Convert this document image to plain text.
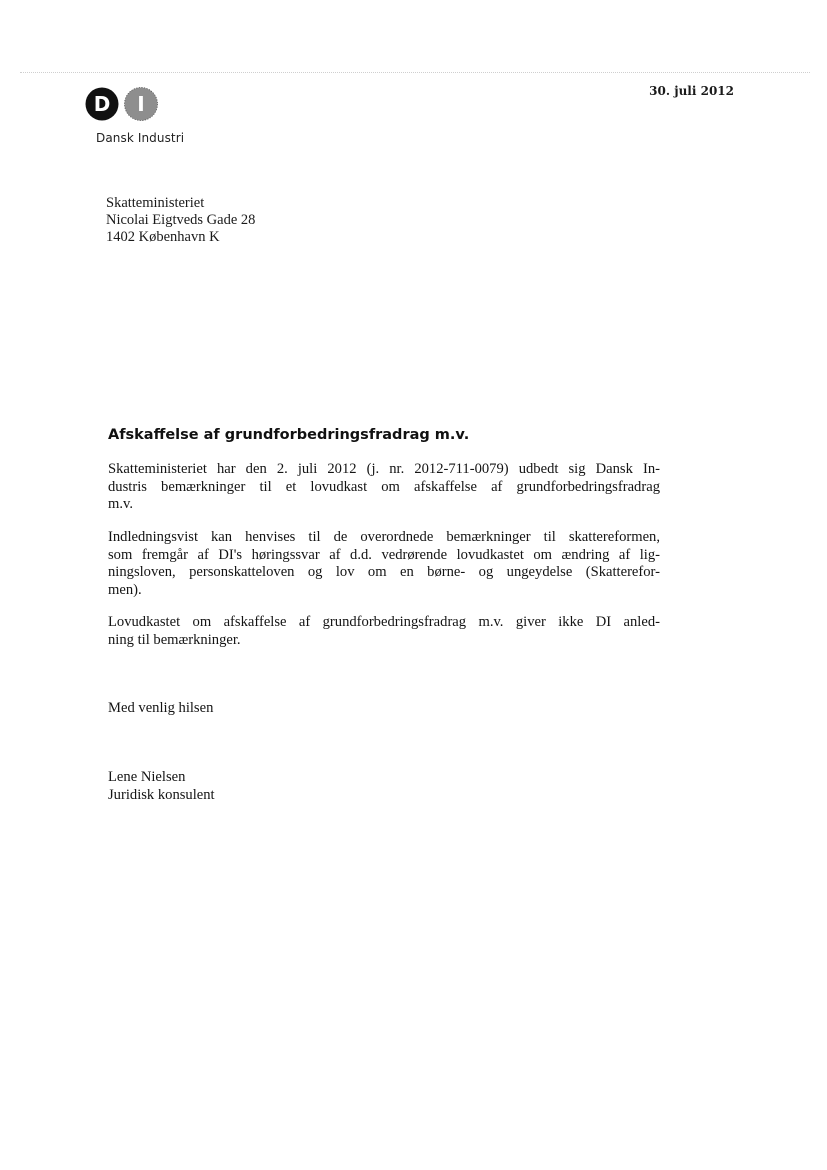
D I
Dansk Industri
30. juli 2012
Skatteministeriet
Nicolai Eigtveds Gade 28
1402 København K
Afskaffelse af grundforbedringsfradrag m.v.
Skatteministeriet har den 2. juli 2012 (j. nr. 2012-711-0079) udbedt sig Dansk In-
dustris bemærkninger til et lovudkast om afskaffelse af grundforbedringsfradrag
m.v.
Indledningsvist kan henvises til de overordnede bemærkninger til skattereformen,
som fremgår af DI's høringssvar af d.d. vedrørende lovudkastet om ændring af lig-
ningsloven, personskatteloven og lov om en børne- og ungeydelse (Skatterefor-
men).
Lovudkastet om afskaffelse af grundforbedringsfradrag m.v. giver ikke DI anled-
ning til bemærkninger.
Med venlig hilsen
Lene Nielsen
Juridisk konsulent
